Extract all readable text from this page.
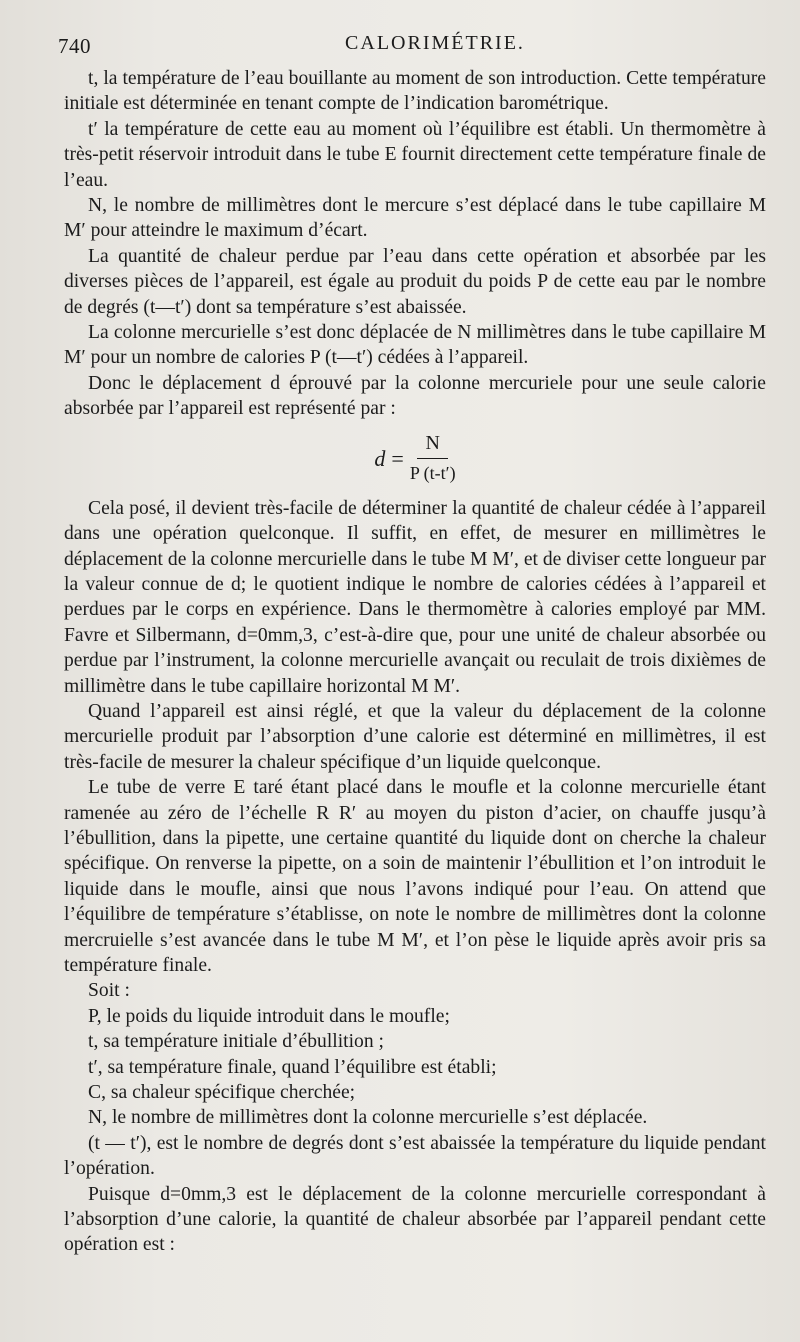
740	CALORIMÉTRIE.

t, la température de l’eau bouillante au moment de son introduction. Cette température initiale est déterminée en tenant compte de l’indication barométrique.

t′ la température de cette eau au moment où l’équilibre est établi. Un thermomètre à très-petit réservoir introduit dans le tube E fournit directement cette température finale de l’eau.

N, le nombre de millimètres dont le mercure s’est déplacé dans le tube capillaire M M′ pour atteindre le maximum d’écart.

La quantité de chaleur perdue par l’eau dans cette opération et absorbée par les diverses pièces de l’appareil, est égale au produit du poids P de cette eau par le nombre de degrés (t—t′) dont sa température s’est abaissée.

La colonne mercurielle s’est donc déplacée de N millimètres dans le tube capillaire M M′ pour un nombre de calories P (t—t′) cédées à l’appareil.

Donc le déplacement d éprouvé par la colonne mercuriele pour une seule calorie absorbée par l’appareil est représenté par :

$d = \frac{N}{P (t-t')}$

Cela posé, il devient très-facile de déterminer la quantité de chaleur cédée à l’appareil dans une opération quelconque. Il suffit, en effet, de mesurer en millimètres le déplacement de la colonne mercurielle dans le tube M M′, et de diviser cette longueur par la valeur connue de d; le quotient indique le nombre de calories cédées à l’appareil et perdues par le corps en expérience. Dans le thermomètre à calories employé par MM. Favre et Silbermann, d=0mm,3, c’est-à-dire que, pour une unité de chaleur absorbée ou perdue par l’instrument, la colonne mercurielle avançait ou reculait de trois dixièmes de millimètre dans le tube capillaire horizontal M M′.

Quand l’appareil est ainsi réglé, et que la valeur du déplacement de la colonne mercurielle produit par l’absorption d’une calorie est déterminé en millimètres, il est très-facile de mesurer la chaleur spécifique d’un liquide quelconque.

Le tube de verre E taré étant placé dans le moufle et la colonne mercurielle étant ramenée au zéro de l’échelle R R′ au moyen du piston d’acier, on chauffe jusqu’à l’ébullition, dans la pipette, une certaine quantité du liquide dont on cherche la chaleur spécifique. On renverse la pipette, on a soin de maintenir l’ébullition et l’on introduit le liquide dans le moufle, ainsi que nous l’avons indiqué pour l’eau. On attend que l’équilibre de température s’établisse, on note le nombre de millimètres dont la colonne mercruielle s’est avancée dans le tube M M′, et l’on pèse le liquide après avoir pris sa température finale.

Soit :

P, le poids du liquide introduit dans le moufle;

t, sa température initiale d’ébullition ;

t′, sa température finale, quand l’équilibre est établi;

C, sa chaleur spécifique cherchée;

N, le nombre de millimètres dont la colonne mercurielle s’est déplacée.

(t — t′), est le nombre de degrés dont s’est abaissée la température du liquide pendant l’opération.

Puisque d=0mm,3 est le déplacement de la colonne mercurielle correspondant à l’absorption d’une calorie, la quantité de chaleur absorbée par l’appareil pendant cette opération est :
